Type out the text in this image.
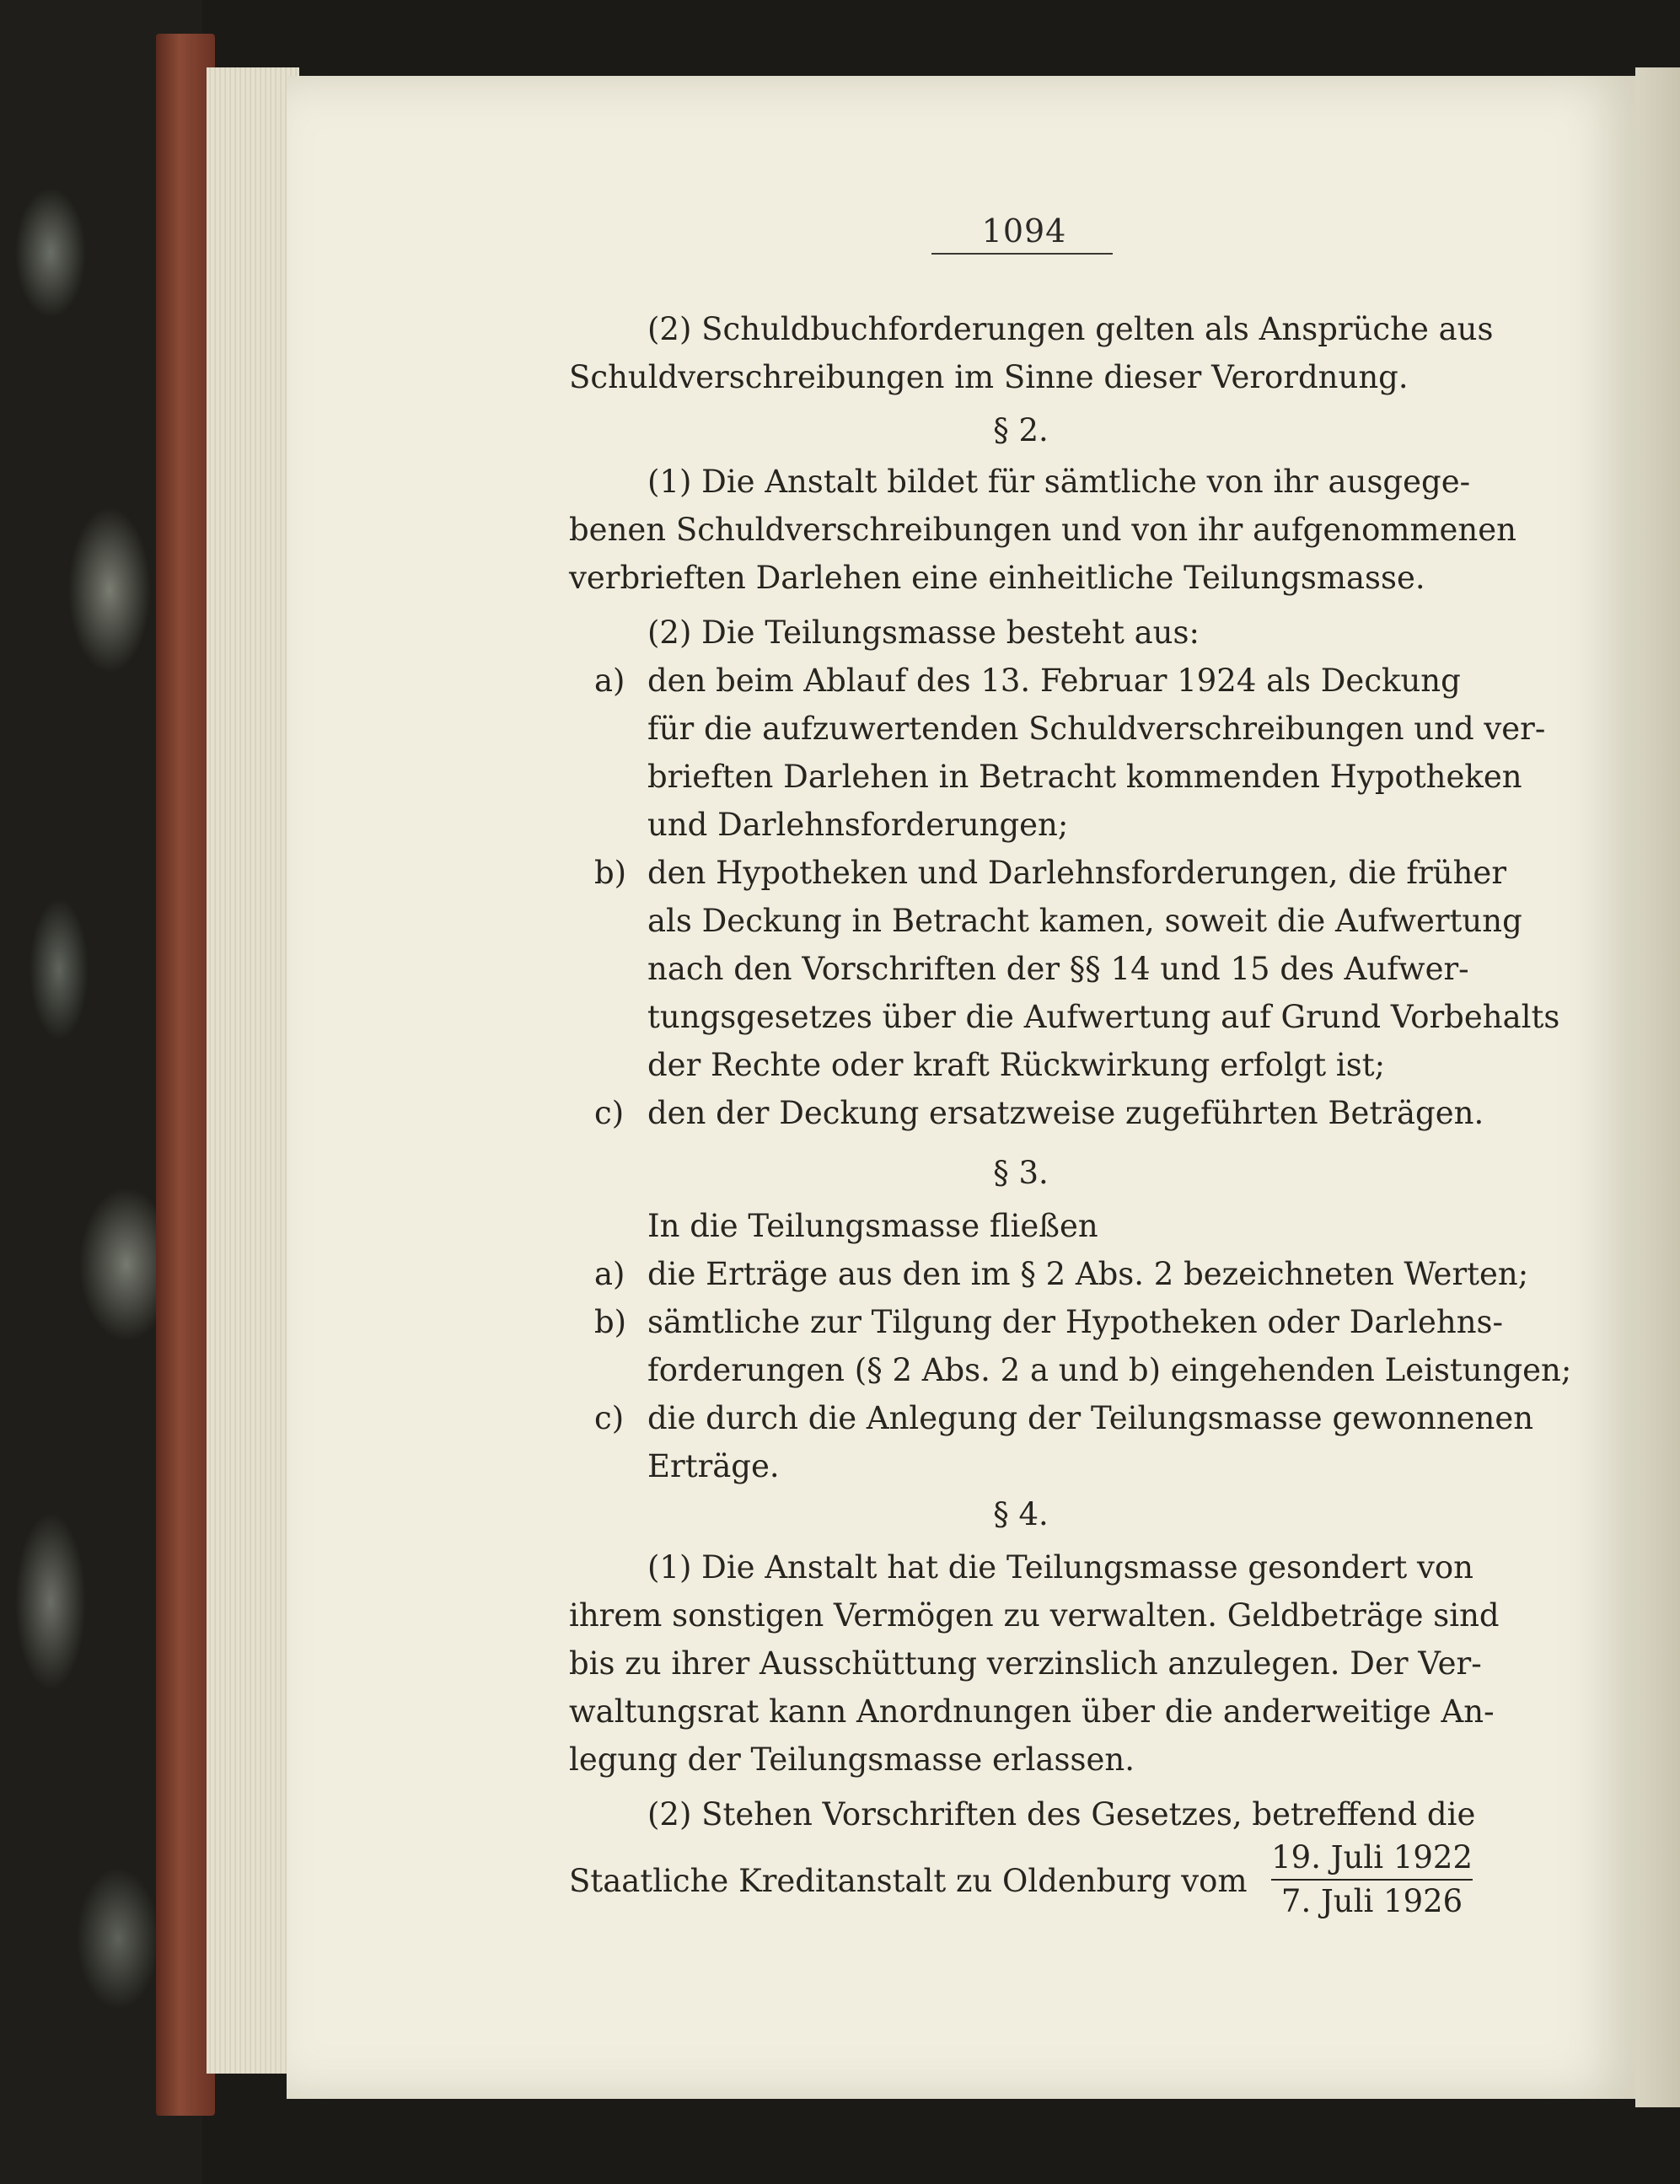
1094
(2) Schuldbuchforderungen gelten als Ansprüche aus
Schuldverschreibungen im Sinne dieser Verordnung.
§ 2.
(1) Die Anstalt bildet für sämtliche von ihr ausgege-
benen Schuldverschreibungen und von ihr aufgenommenen
verbrieften Darlehen eine einheitliche Teilungsmasse.
(2) Die Teilungsmasse besteht aus:
a) den beim Ablauf des 13. Februar 1924 als Deckung
für die aufzuwertenden Schuldverschreibungen und ver-
brieften Darlehen in Betracht kommenden Hypotheken
und Darlehnsforderungen;
b) den Hypotheken und Darlehnsforderungen, die früher
als Deckung in Betracht kamen, soweit die Aufwertung
nach den Vorschriften der §§ 14 und 15 des Aufwer-
tungsgesetzes über die Aufwertung auf Grund Vorbehalts
der Rechte oder kraft Rückwirkung erfolgt ist;
c) den der Deckung ersatzweise zugeführten Beträgen.
§ 3.
In die Teilungsmasse fließen
a) die Erträge aus den im § 2 Abs. 2 bezeichneten Werten;
b) sämtliche zur Tilgung der Hypotheken oder Darlehns-
forderungen (§ 2 Abs. 2 a und b) eingehenden Leistungen;
c) die durch die Anlegung der Teilungsmasse gewonnenen
Erträge.
§ 4.
(1) Die Anstalt hat die Teilungsmasse gesondert von
ihrem sonstigen Vermögen zu verwalten. Geldbeträge sind
bis zu ihrer Ausschüttung verzinslich anzulegen. Der Ver-
waltungsrat kann Anordnungen über die anderweitige An-
legung der Teilungsmasse erlassen.
(2) Stehen Vorschriften des Gesetzes, betreffend die
Staatliche Kreditanstalt zu Oldenburg vom
19. Juli 1922
7. Juli 1926
